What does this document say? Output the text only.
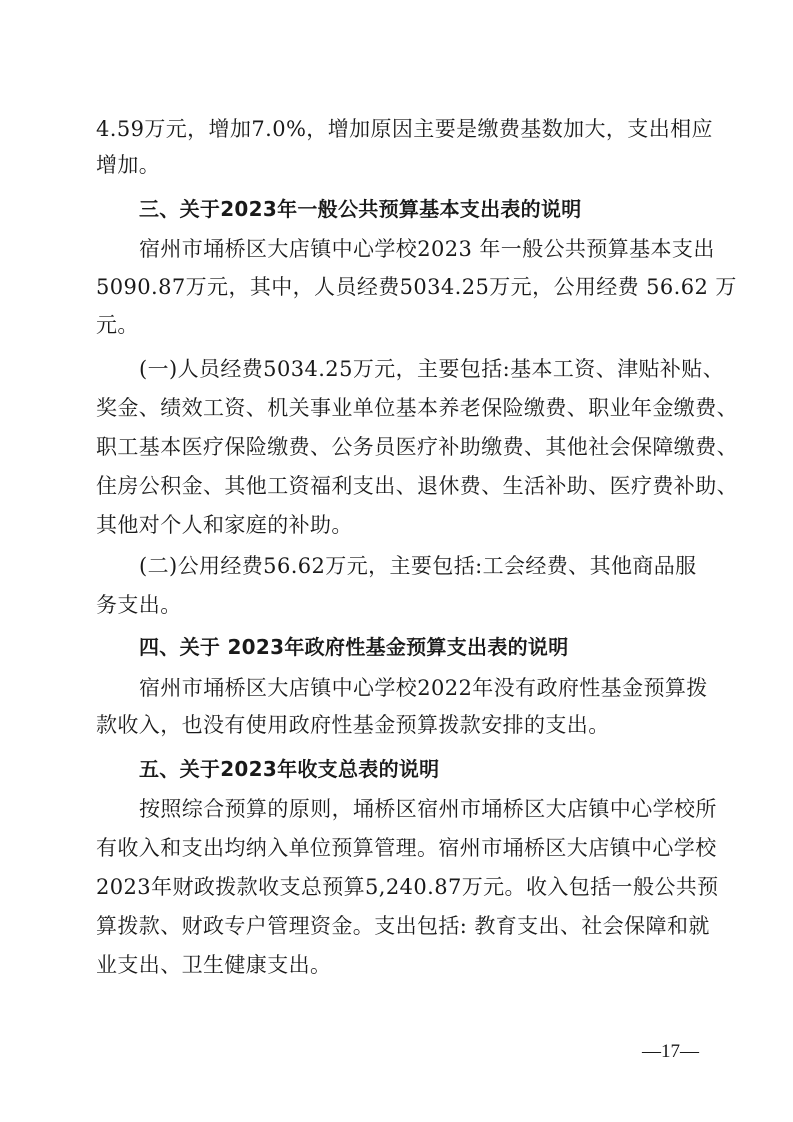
4.59万元，增加7.0%，增加原因主要是缴费基数加大，支出相应
增加。
三、关于2023年一般公共预算基本支出表的说明
宿州市埇桥区大店镇中心学校2023 年一般公共预算基本支出
5090.87万元，其中，人员经费5034.25万元，公用经费 56.62 万
元。
(一)人员经费5034.25万元，主要包括:基本工资、津贴补贴、
奖金、绩效工资、机关事业单位基本养老保险缴费、职业年金缴费、
职工基本医疗保险缴费、公务员医疗补助缴费、其他社会保障缴费、
住房公积金、其他工资福利支出、退休费、生活补助、医疗费补助、
其他对个人和家庭的补助。
(二)公用经费56.62万元，主要包括:工会经费、其他商品服
务支出。
四、关于 2023年政府性基金预算支出表的说明
宿州市埇桥区大店镇中心学校2022年没有政府性基金预算拨
款收入，也没有使用政府性基金预算拨款安排的支出。
五、关于2023年收支总表的说明
按照综合预算的原则，埇桥区宿州市埇桥区大店镇中心学校所
有收入和支出均纳入单位预算管理。宿州市埇桥区大店镇中心学校
2023年财政拨款收支总预算5,240.87万元。收入包括一般公共预
算拨款、财政专户管理资金。支出包括: 教育支出、社会保障和就
业支出、卫生健康支出。
—17—
